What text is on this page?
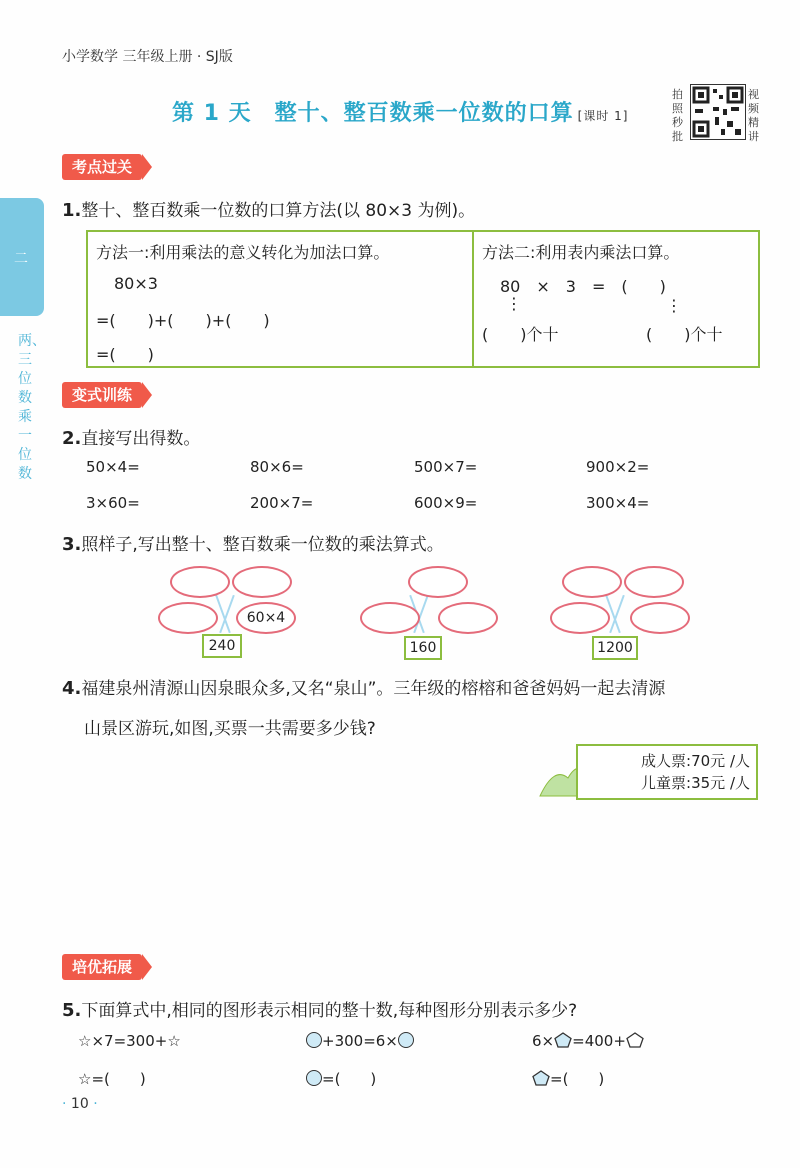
小学数学 三年级上册 · SJ版
第 1 天　整十、整百数乘一位数的口算 [课时 1]
拍照秒批
视频精讲
二
两、三位数乘一位数
考点过关
1.整十、整百数乘一位数的口算方法(以 80×3 为例)。
方法一:利用乘法的意义转化为加法口算。
80×3
=(　　)+(　　)+(　　)
=(　　)
方法二:利用表内乘法口算。
80　×　3　=　(　　)
⋮	⋮
(　　)个十	(　　)个十
变式训练
2.直接写出得数。
50×4=	80×6=	500×7=	900×2=
3×60=	200×7=	600×9=	300×4=
3.照样子,写出整十、整百数乘一位数的乘法算式。
60×4
240	160	1200
4.福建泉州清源山因泉眼众多,又名“泉山”。三年级的榕榕和爸爸妈妈一起去清源
山景区游玩,如图,买票一共需要多少钱?
成人票:70元 /人
儿童票:35元 /人
培优拓展
5.下面算式中,相同的图形表示相同的整十数,每种图形分别表示多少?
☆×7=300+☆
☆=(　　)
+300=6×
=(　　)
6× =400+
=(　　)
· 10 ·
